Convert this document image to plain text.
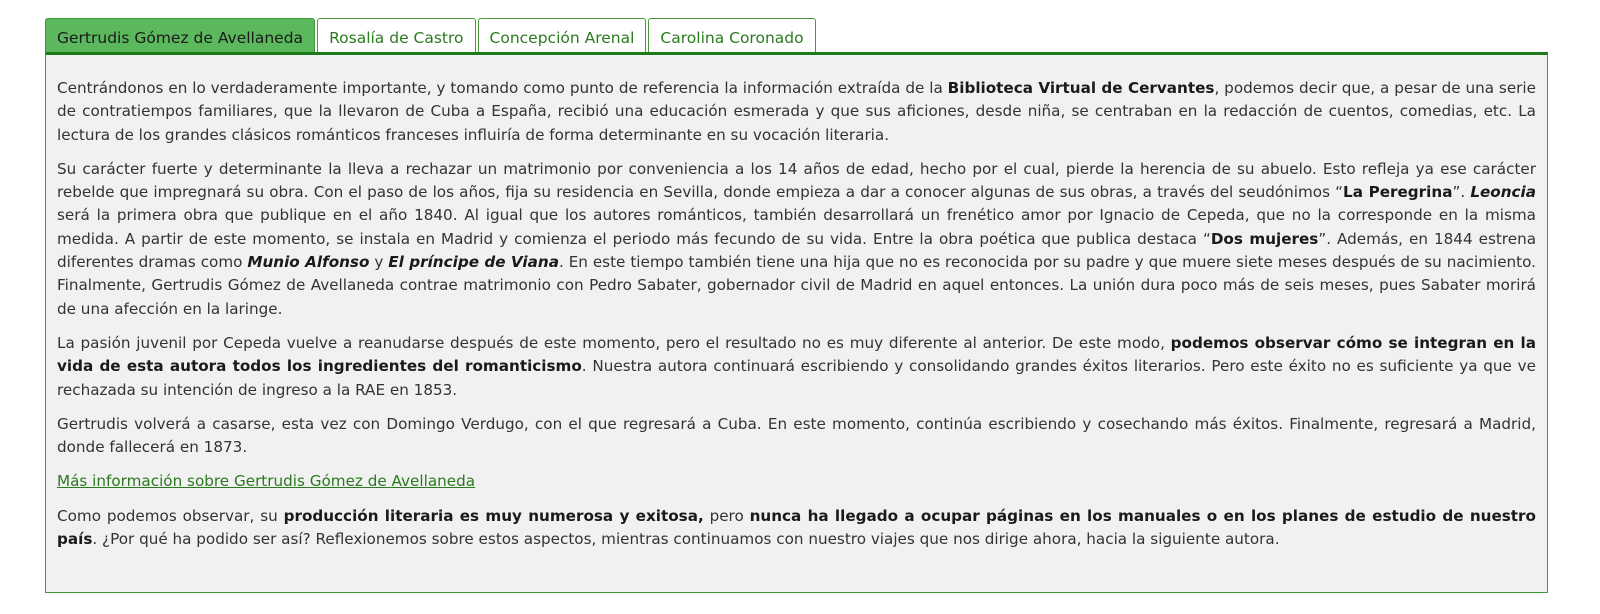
Gertrudis Gómez de Avellaneda	Rosalía de Castro	Concepción Arenal	Carolina Coronado

Centrándonos en lo verdaderamente importante, y tomando como punto de referencia la información extraída de la Biblioteca Virtual de Cervantes, podemos decir que, a pesar de una serie de contratiempos familiares, que la llevaron de Cuba a España, recibió una educación esmerada y que sus aficiones, desde niña, se centraban en la redacción de cuentos, comedias, etc. La lectura de los grandes clásicos románticos franceses influiría de forma determinante en su vocación literaria.

Su carácter fuerte y determinante la lleva a rechazar un matrimonio por conveniencia a los 14 años de edad, hecho por el cual, pierde la herencia de su abuelo. Esto refleja ya ese carácter rebelde que impregnará su obra. Con el paso de los años, fija su residencia en Sevilla, donde empieza a dar a conocer algunas de sus obras, a través del seudónimos “La Peregrina”. Leoncia será la primera obra que publique en el año 1840. Al igual que los autores románticos, también desarrollará un frenético amor por Ignacio de Cepeda, que no la corresponde en la misma medida. A partir de este momento, se instala en Madrid y comienza el periodo más fecundo de su vida. Entre la obra poética que publica destaca “Dos mujeres”. Además, en 1844 estrena diferentes dramas como Munio Alfonso y El príncipe de Viana. En este tiempo también tiene una hija que no es reconocida por su padre y que muere siete meses después de su nacimiento. Finalmente, Gertrudis Gómez de Avellaneda contrae matrimonio con Pedro Sabater, gobernador civil de Madrid en aquel entonces. La unión dura poco más de seis meses, pues Sabater morirá de una afección en la laringe.

La pasión juvenil por Cepeda vuelve a reanudarse después de este momento, pero el resultado no es muy diferente al anterior. De este modo, podemos observar cómo se integran en la vida de esta autora todos los ingredientes del romanticismo. Nuestra autora continuará escribiendo y consolidando grandes éxitos literarios. Pero este éxito no es suficiente ya que ve rechazada su intención de ingreso a la RAE en 1853.

Gertrudis volverá a casarse, esta vez con Domingo Verdugo, con el que regresará a Cuba. En este momento, continúa escribiendo y cosechando más éxitos. Finalmente, regresará a Madrid, donde fallecerá en 1873.

Más información sobre Gertrudis Gómez de Avellaneda

Como podemos observar, su producción literaria es muy numerosa y exitosa, pero nunca ha llegado a ocupar páginas en los manuales o en los planes de estudio de nuestro país. ¿Por qué ha podido ser así? Reflexionemos sobre estos aspectos, mientras continuamos con nuestro viajes que nos dirige ahora, hacia la siguiente autora.
